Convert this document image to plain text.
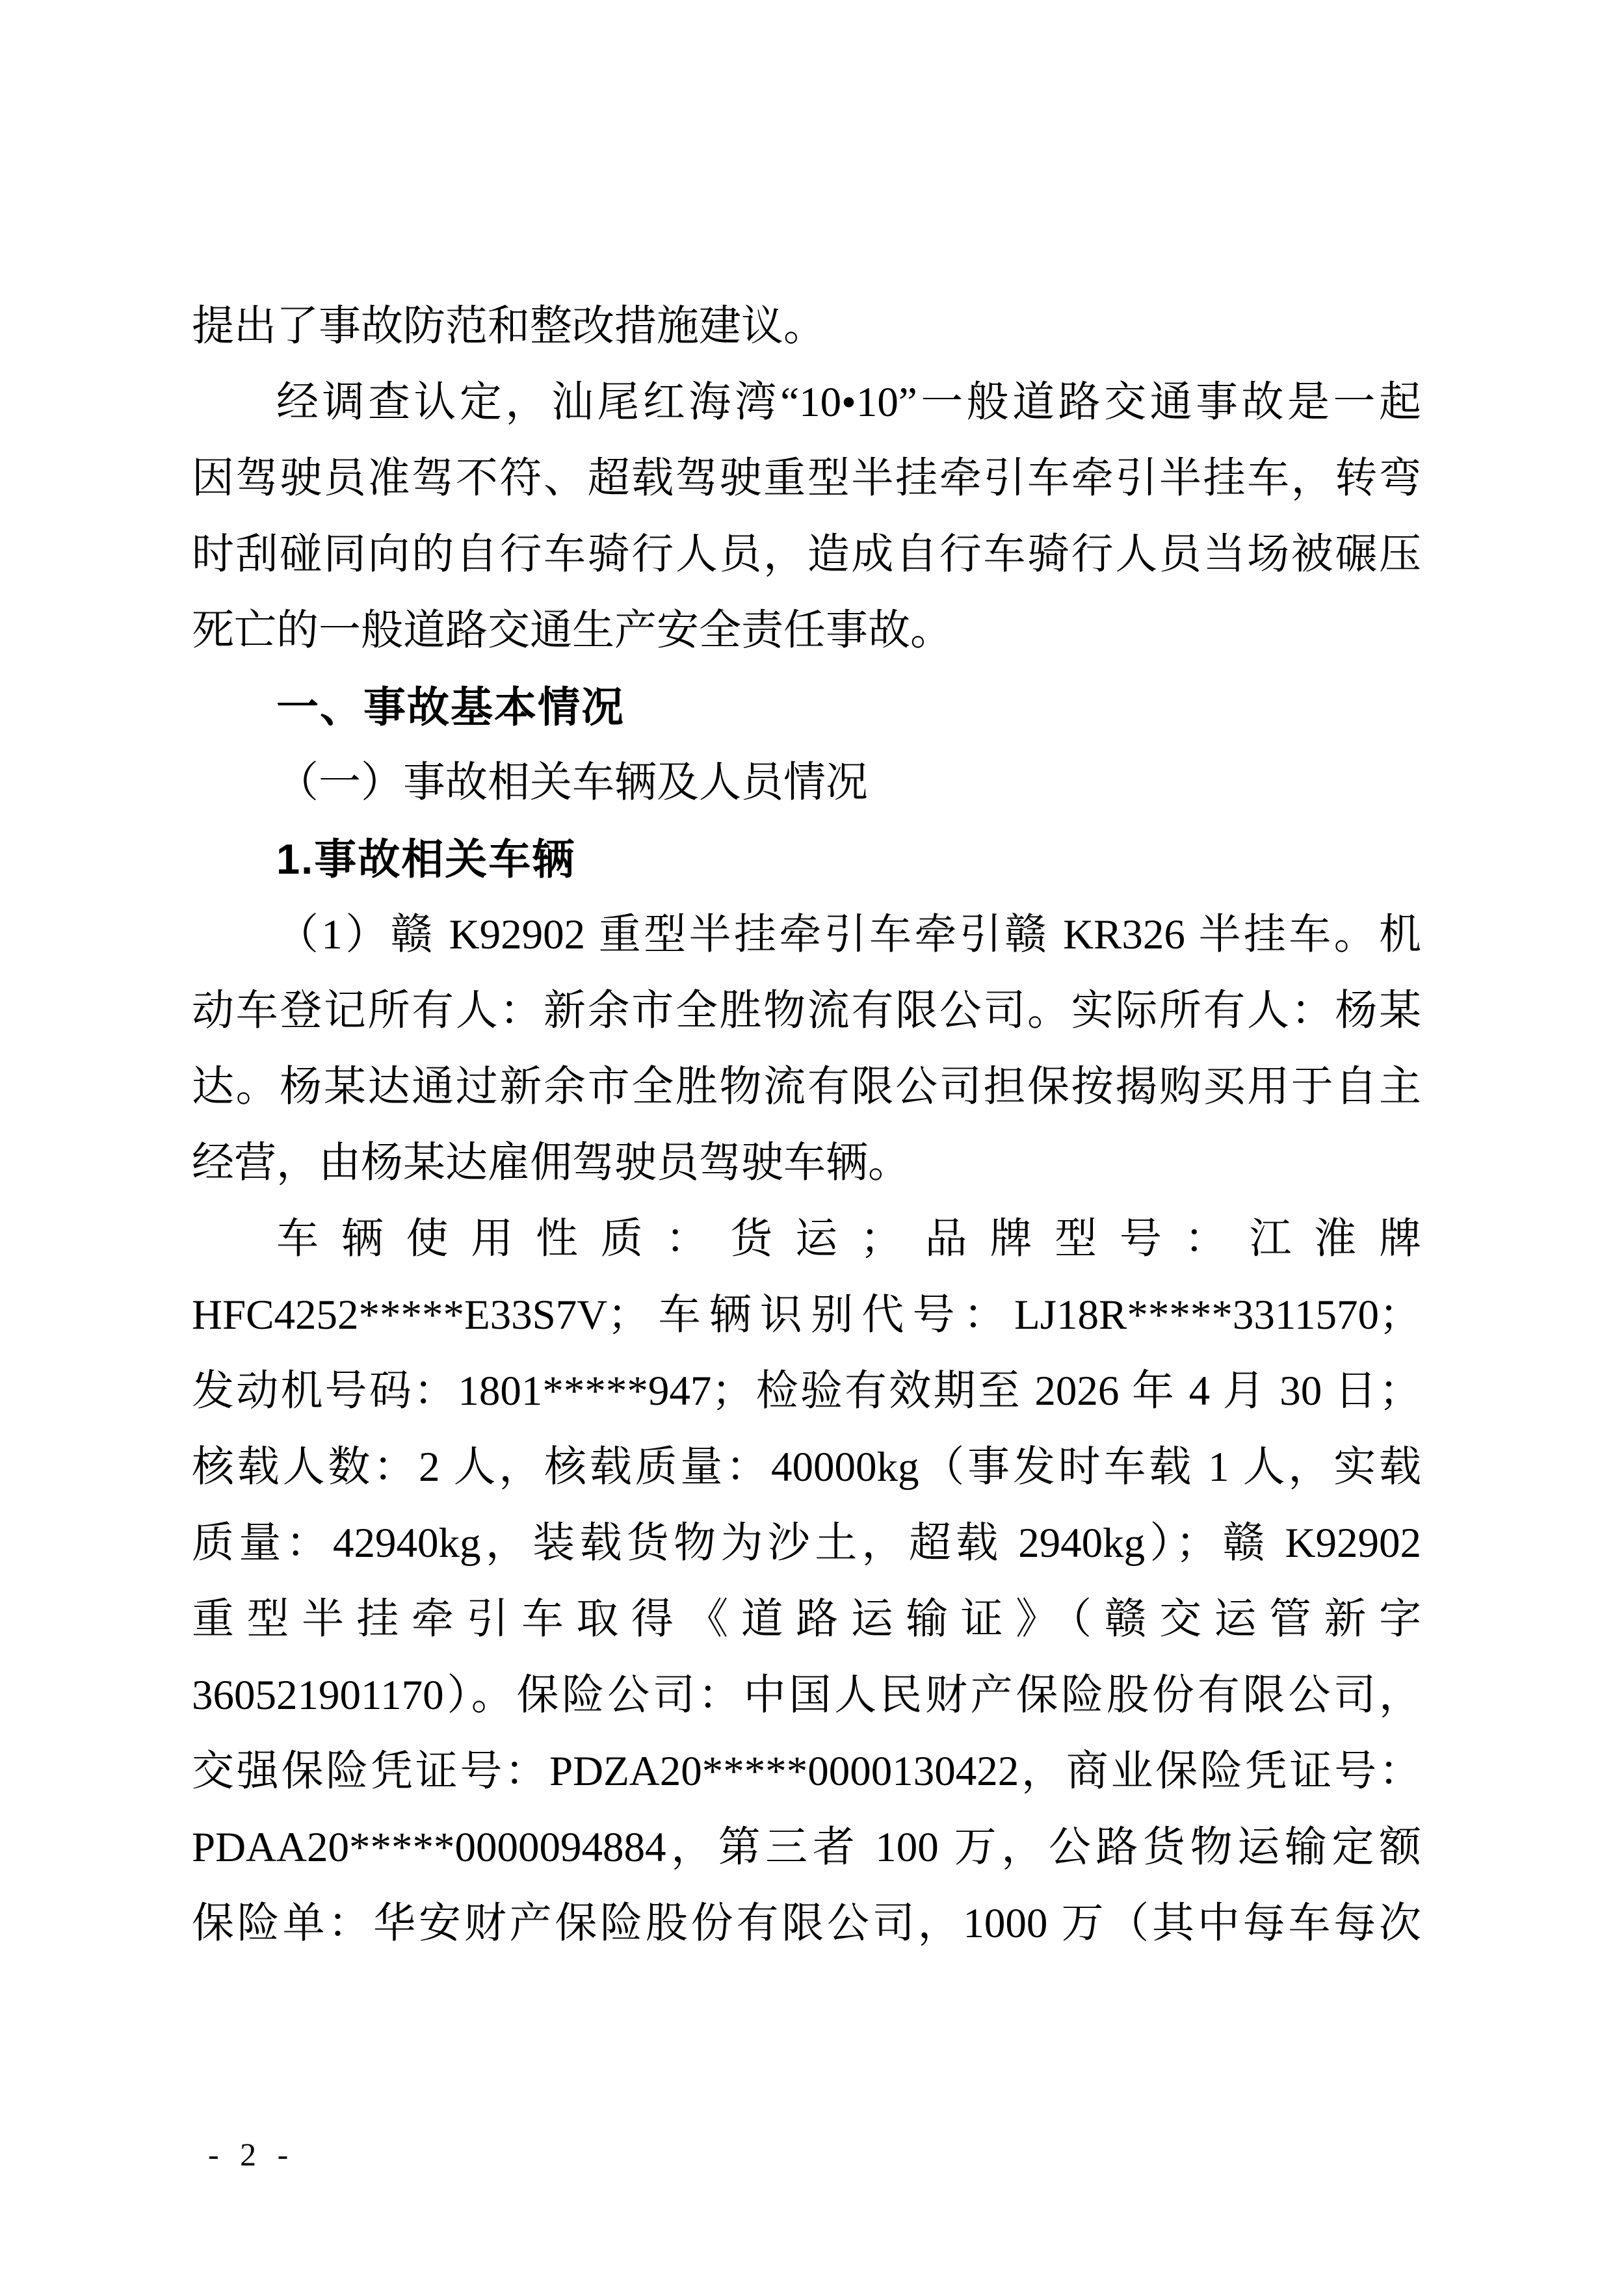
提出了事故防范和整改措施建议。

经调查认定，汕尾红海湾“10•10”一般道路交通事故是一起

因驾驶员准驾不符、超载驾驶重型半挂牵引车牵引半挂车，转弯

时刮碰同向的自行车骑行人员，造成自行车骑行人员当场被碾压

死亡的一般道路交通生产安全责任事故。

一、事故基本情况

（一）事故相关车辆及人员情况

1.事故相关车辆

（1）赣 K92902 重型半挂牵引车牵引赣 KR326 半挂车。机

动车登记所有人：新余市全胜物流有限公司。实际所有人：杨某

达。杨某达通过新余市全胜物流有限公司担保按揭购买用于自主

经营，由杨某达雇佣驾驶员驾驶车辆。

车辆使用性质：货运；品牌型号：江淮牌

HFC4252*****E33S7V；车辆识别代号：LJ18R*****3311570；

发动机号码：1801*****947；检验有效期至 2026 年 4 月 30 日；

核载人数：2 人，核载质量：40000kg（事发时车载 1 人，实载

质量：42940kg，装载货物为沙土，超载 2940kg）；赣 K92902

重型半挂牵引车取得《道路运输证》（赣交运管新字

360521901170）。保险公司：中国人民财产保险股份有限公司，

交强保险凭证号：PDZA20*****0000130422，商业保险凭证号：

PDAA20*****0000094884，第三者 100 万，公路货物运输定额

保险单：华安财产保险股份有限公司，1000 万（其中每车每次

- 2 -
